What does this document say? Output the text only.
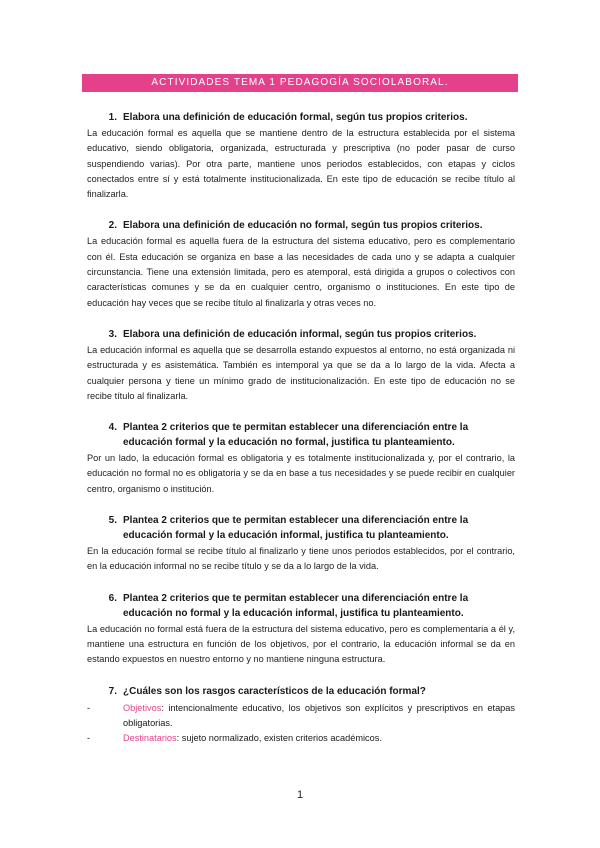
ACTIVIDADES TEMA 1 PEDAGOGÍA SOCIOLABORAL.
1. Elabora una definición de educación formal, según tus propios criterios.
La educación formal es aquella que se mantiene dentro de la estructura establecida por el sistema educativo, siendo obligatoria, organizada, estructurada y prescriptiva (no poder pasar de curso suspendiendo varias). Por otra parte, mantiene unos periodos establecidos, con etapas y ciclos conectados entre sí y está totalmente institucionalizada. En este tipo de educación se recibe título al finalizarla.
2. Elabora una definición de educación no formal, según tus propios criterios.
La educación formal es aquella fuera de la estructura del sistema educativo, pero es complementario con él. Esta educación se organiza en base a las necesidades de cada uno y se adapta a cualquier circunstancia. Tiene una extensión limitada, pero es atemporal, está dirigida a grupos o colectivos con características comunes y se da en cualquier centro, organismo o instituciones. En este tipo de educación hay veces que se recibe título al finalizarla y otras veces no.
3. Elabora una definición de educación informal, según tus propios criterios.
La educación informal es aquella que se desarrolla estando expuestos al entorno, no está organizada ni estructurada y es asistemática. También es intemporal ya que se da a lo largo de la vida. Afecta a cualquier persona y tiene un mínimo grado de institucionalización. En este tipo de educación no se recibe título al finalizarla.
4. Plantea 2 criterios que te permitan establecer una diferenciación entre la educación formal y la educación no formal, justifica tu planteamiento.
Por un lado, la educación formal es obligatoria y es totalmente institucionalizada y, por el contrario, la educación no formal no es obligatoria y se da en base a tus necesidades y se puede recibir en cualquier centro, organismo o institución.
5. Plantea 2 criterios que te permitan establecer una diferenciación entre la educación formal y la educación informal, justifica tu planteamiento.
En la educación formal se recibe título al finalizarlo y tiene unos periodos establecidos, por el contrario, en la educación informal no se recibe título y se da a lo largo de la vida.
6. Plantea 2 criterios que te permitan establecer una diferenciación entre la educación no formal y la educación informal, justifica tu planteamiento.
La educación no formal está fuera de la estructura del sistema educativo, pero es complementaria a él y, mantiene una estructura en función de los objetivos, por el contrario, la educación informal se da en estando expuestos en nuestro entorno y no mantiene ninguna estructura.
7. ¿Cuáles son los rasgos característicos de la educación formal?
-	Objetivos: intencionalmente educativo, los objetivos son explícitos y prescriptivos en etapas obligatorias.
-	Destinatarios: sujeto normalizado, existen criterios académicos.
1
